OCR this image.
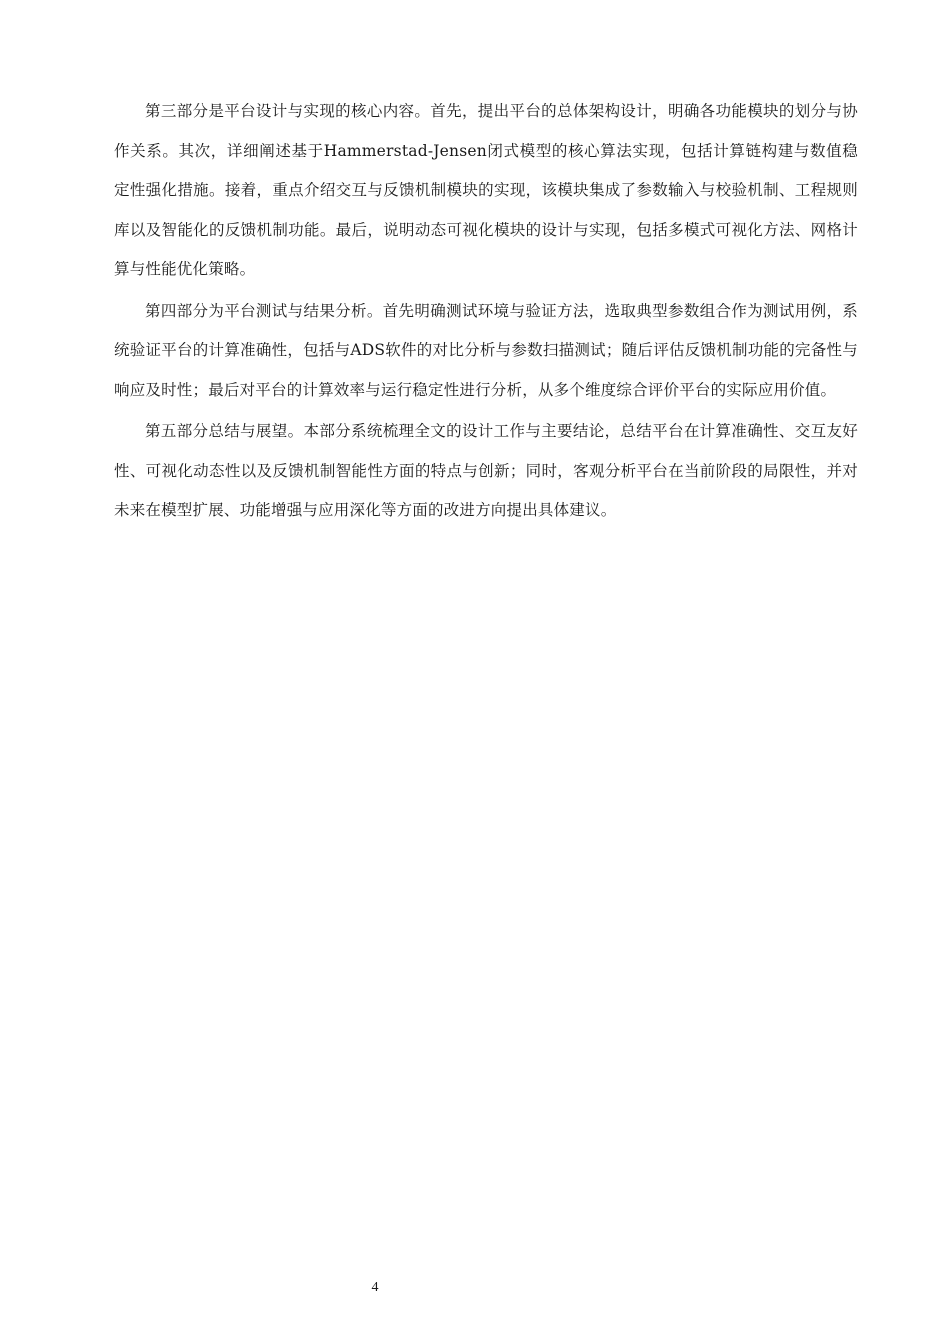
第三部分是平台设计与实现的核心内容。首先，提出平台的总体架构设计，明确各功能模块的划分与协作关系。其次，详细阐述基于Hammerstad-Jensen闭式模型的核心算法实现，包括计算链构建与数值稳定性强化措施。接着，重点介绍交互与反馈机制模块的实现，该模块集成了参数输入与校验机制、工程规则库以及智能化的反馈机制功能。最后，说明动态可视化模块的设计与实现，包括多模式可视化方法、网格计算与性能优化策略。

第四部分为平台测试与结果分析。首先明确测试环境与验证方法，选取典型参数组合作为测试用例，系统验证平台的计算准确性，包括与ADS软件的对比分析与参数扫描测试；随后评估反馈机制功能的完备性与响应及时性；最后对平台的计算效率与运行稳定性进行分析，从多个维度综合评价平台的实际应用价值。

第五部分总结与展望。本部分系统梳理全文的设计工作与主要结论，总结平台在计算准确性、交互友好性、可视化动态性以及反馈机制智能性方面的特点与创新；同时，客观分析平台在当前阶段的局限性，并对未来在模型扩展、功能增强与应用深化等方面的改进方向提出具体建议。

4
